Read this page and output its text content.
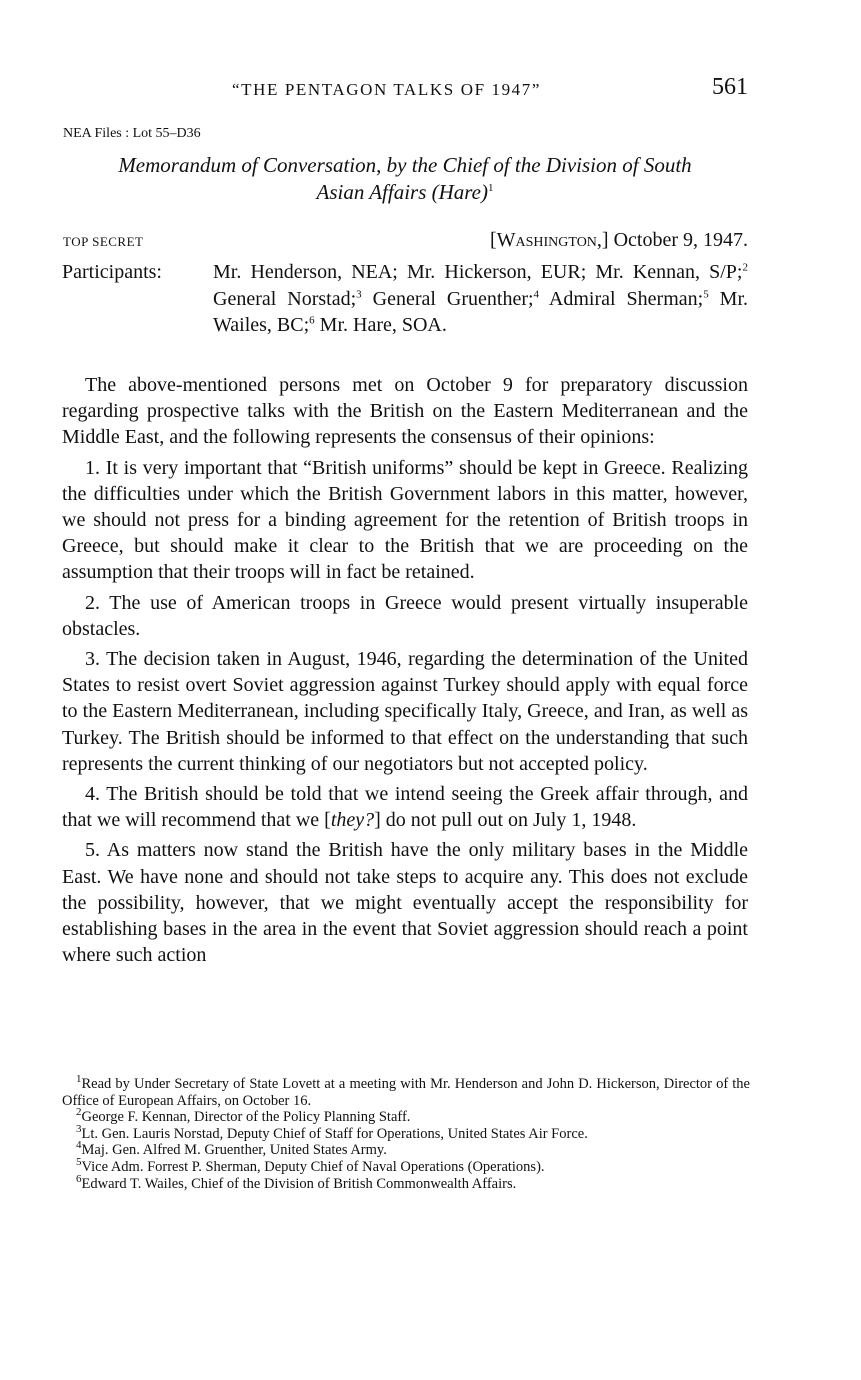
“THE PENTAGON TALKS OF 1947”	561
NEA Files : Lot 55–D36
Memorandum of Conversation, by the Chief of the Division of South
Asian Affairs (Hare)$^1$
TOP SECRET	[Washington,] October 9, 1947.
Participants:	Mr. Henderson, NEA; Mr. Hickerson, EUR; Mr. Kennan, S/P;$^2$ General Norstad;$^3$ General Gruenther;$^4$ Admiral Sherman;$^5$ Mr. Wailes, BC;$^6$ Mr. Hare, SOA.

The above-mentioned persons met on October 9 for preparatory discussion regarding prospective talks with the British on the Eastern Mediterranean and the Middle East, and the following represents the consensus of their opinions:

1. It is very important that “British uniforms” should be kept in Greece. Realizing the difficulties under which the British Government labors in this matter, however, we should not press for a binding agreement for the retention of British troops in Greece, but should make it clear to the British that we are proceeding on the assumption that their troops will in fact be retained.

2. The use of American troops in Greece would present virtually insuperable obstacles.

3. The decision taken in August, 1946, regarding the determination of the United States to resist overt Soviet aggression against Turkey should apply with equal force to the Eastern Mediterranean, including specifically Italy, Greece, and Iran, as well as Turkey. The British should be informed to that effect on the understanding that such represents the current thinking of our negotiators but not accepted policy.

4. The British should be told that we intend seeing the Greek affair through, and that we will recommend that we [they?] do not pull out on July 1, 1948.

5. As matters now stand the British have the only military bases in the Middle East. We have none and should not take steps to acquire any. This does not exclude the possibility, however, that we might eventually accept the responsibility for establishing bases in the area in the event that Soviet aggression should reach a point where such action

$^1$Read by Under Secretary of State Lovett at a meeting with Mr. Henderson and John D. Hickerson, Director of the Office of European Affairs, on October 16.

$^2$George F. Kennan, Director of the Policy Planning Staff.

$^3$Lt. Gen. Lauris Norstad, Deputy Chief of Staff for Operations, United States Air Force.

$^4$Maj. Gen. Alfred M. Gruenther, United States Army.

$^5$Vice Adm. Forrest P. Sherman, Deputy Chief of Naval Operations (Operations).

$^6$Edward T. Wailes, Chief of the Division of British Commonwealth Affairs.
